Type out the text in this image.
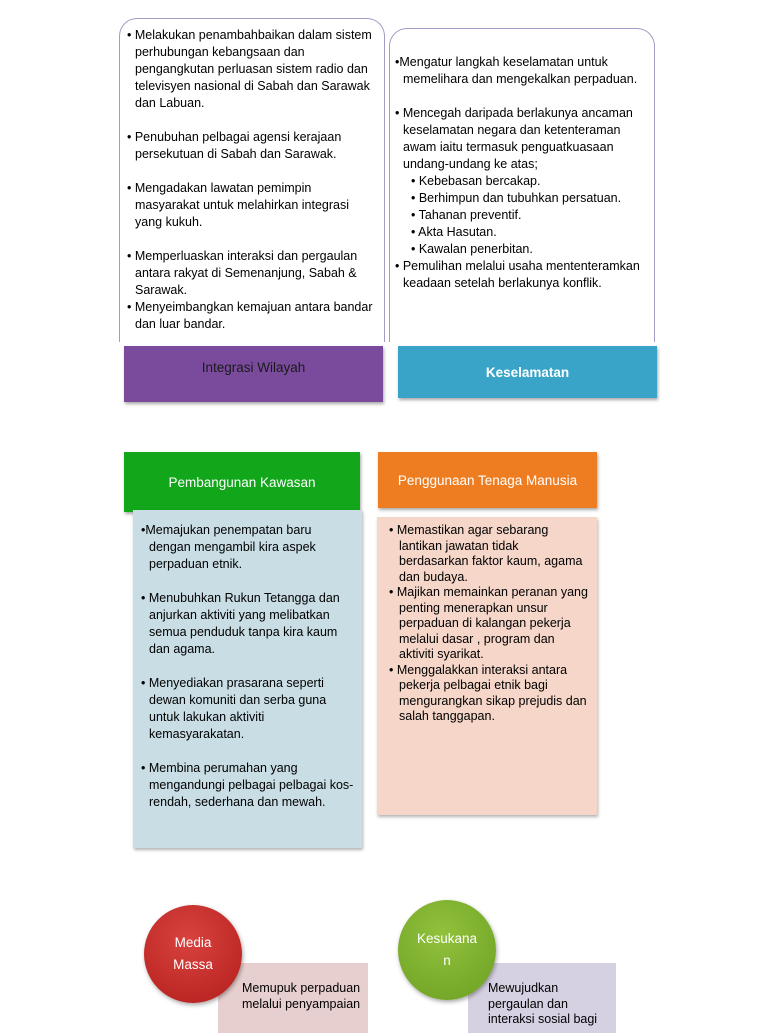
• Melakukan penambahbaikan dalam sistem perhubungan kebangsaan dan pengangkutan perluasan sistem radio dan televisyen nasional di Sabah dan Sarawak dan Labuan.

• Penubuhan pelbagai agensi kerajaan persekutuan di Sabah dan Sarawak.

• Mengadakan lawatan pemimpin masyarakat untuk melahirkan integrasi yang kukuh.

• Memperluaskan interaksi dan pergaulan antara rakyat di Semenanjung, Sabah & Sarawak.

• Menyeimbangkan kemajuan antara bandar dan luar bandar.

•Mengatur langkah keselamatan untuk memelihara dan mengekalkan perpaduan.

• Mencegah daripada berlakunya ancaman keselamatan negara dan ketenteraman awam iaitu termasuk penguatkuasaan undang-undang ke atas;

• Kebebasan bercakap.

• Berhimpun dan tubuhkan persatuan.

• Tahanan preventif.

• Akta Hasutan.

• Kawalan penerbitan.

• Pemulihan melalui usaha mententeramkan keadaan setelah berlakunya konflik.

Integrasi Wilayah	Keselamatan
Pembangunan Kawasan	Penggunaan Tenaga Manusia

•Memajukan penempatan baru dengan mengambil kira aspek perpaduan etnik.

• Menubuhkan Rukun Tetangga dan anjurkan aktiviti yang melibatkan semua penduduk tanpa kira kaum dan agama.

• Menyediakan prasarana seperti dewan komuniti dan serba guna untuk lakukan aktiviti kemasyarakatan.

• Membina perumahan yang mengandungi pelbagai pelbagai kos- rendah, sederhana dan mewah.

• Memastikan agar sebarang lantikan jawatan tidak berdasarkan faktor kaum, agama dan budaya.

• Majikan memainkan peranan yang penting menerapkan unsur perpaduan di kalangan pekerja melalui dasar , program dan aktiviti syarikat.

• Menggalakkan interaksi antara pekerja pelbagai etnik bagi mengurangkan sikap prejudis dan salah tanggapan.

Memupuk perpaduan melalui penyampaian
Media
Massa
Mewujudkan pergaulan dan interaksi sosial bagi
Kesukana
n
